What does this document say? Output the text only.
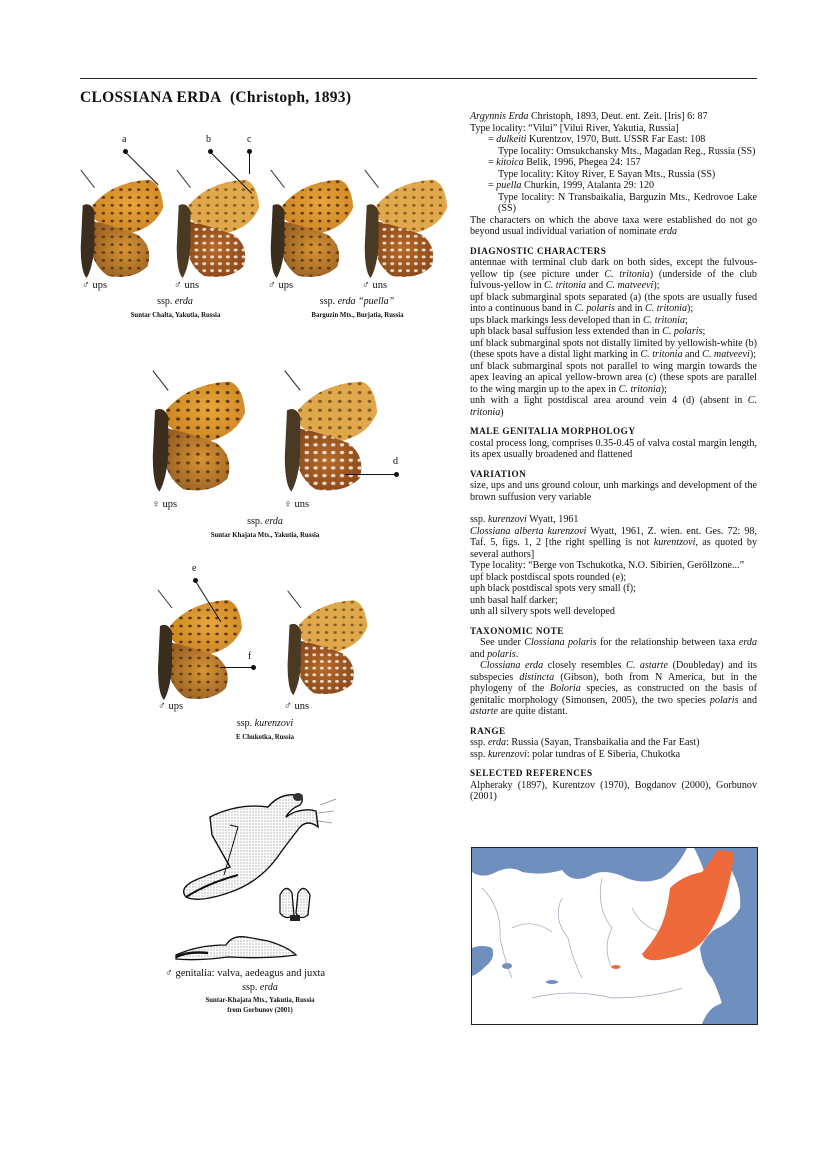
CLOSSIANA ERDA (Christoph, 1893)
a	b	c
♂ ups	♂ uns	♂ ups	♂ uns
ssp. erda
Suntar Chalta, Yakutia, Russia
ssp. erda “puella”
Barguzin Mts., Burjatia, Russia
d
♀ ups	♀ uns
ssp. erda
Suntar Khajata Mts., Yakutia, Russia
e
f
♂ ups	♂ uns
ssp. kurenzovi
E Chukotka, Russia
♂ genitalia: valva, aedeagus and juxta
ssp. erda
Suntar-Khajata Mts., Yakutia, Russia
from Gorbunov (2001)

Argynnis Erda Christoph, 1893, Deut. ent. Zeit. [Iris] 6: 87

Type locality: “Vilui” [Vilui River, Yakutia, Russia]

= dulkeiti Kurentzov, 1970, Butt. USSR Far East: 108

Type locality: Omsukchansky Mts., Magadan Reg., Russia (SS)

= kitoica Belik, 1996, Phegea 24: 157

Type locality: Kitoy River, E Sayan Mts., Russia (SS)

= puella Churkin, 1999, Atalanta 29: 120

Type locality: N Transbaikalia, Barguzin Mts., Kedrovoe Lake (SS)

The characters on which the above taxa were established do not go beyond usual individual variation of nominate erda

DIAGNOSTIC CHARACTERS

antennae with terminal club dark on both sides, except the fulvous-yellow tip (see picture under C. tritonia) (underside of the club fulvous-yellow in C. tritonia and C. matveevi);

upf black submarginal spots separated (a) (the spots are usually fused into a continuous band in C. polaris and in C. tritonia);

ups black markings less developed than in C. tritonia;

uph black basal suffusion less extended than in C. polaris;

unf black submarginal spots not distally limited by yellowish-white (b) (these spots have a distal light marking in C. tritonia and C. matveevi);

unf black submarginal spots not parallel to wing margin towards the apex leaving an apical yellow-brown area (c) (these spots are parallel to the wing margin up to the apex in C. tritonia);

unh with a light postdiscal area around vein 4 (d) (absent in C. tritonia)

MALE GENITALIA MORPHOLOGY

costal process long, comprises 0.35-0.45 of valva costal margin length, its apex usually broadened and flattened

VARIATION

size, ups and uns ground colour, unh markings and development of the brown suffusion very variable

ssp. kurenzovi Wyatt, 1961

Clossiana alberta kurenzovi Wyatt, 1961, Z. wien. ent. Ges. 72: 98, Taf. 5, figs. 1, 2 [the right spelling is not kurentzovi, as quoted by several authors]

Type locality: “Berge von Tschukotka, N.O. Sibirien, Geröllzone...”

upf black postdiscal spots rounded (e);

uph black postdiscal spots very small (f);

unh basal half darker;

unh all silvery spots well developed

TAXONOMIC NOTE

See under Clossiana polaris for the relationship between taxa erda and polaris.

Clossiana erda closely resembles C. astarte (Doubleday) and its subspecies distincta (Gibson), both from N America, but in the phylogeny of the Boloria species, as constructed on the basis of genitalic morphology (Simonsen, 2005), the two species polaris and astarte are quite distant.

RANGE

ssp. erda: Russia (Sayan, Transbaikalia and the Far East)

ssp. kurenzovi: polar tundras of E Siberia, Chukotka

SELECTED REFERENCES

Alpheraky (1897), Kurentzov (1970), Bogdanov (2000), Gorbunov (2001)
